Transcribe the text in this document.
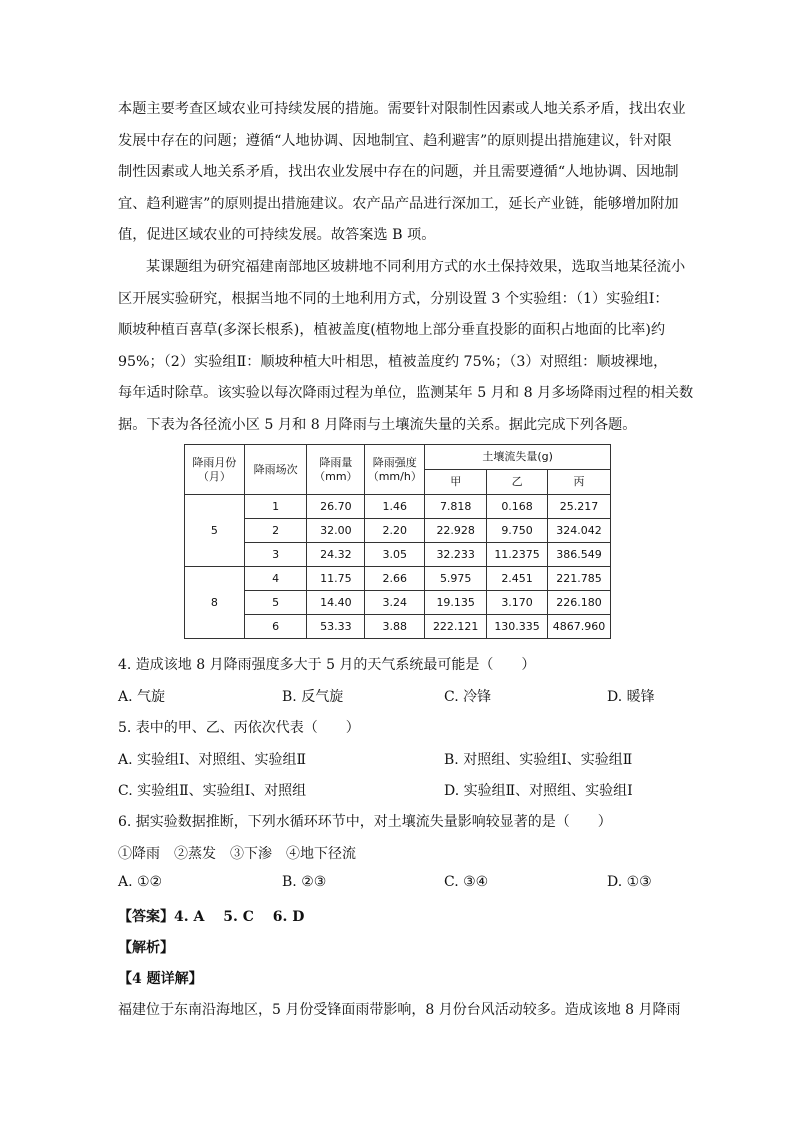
本题主要考查区域农业可持续发展的措施。需要针对限制性因素或人地关系矛盾，找出农业
发展中存在的问题；遵循“人地协调、因地制宜、趋利避害”的原则提出措施建议，针对限
制性因素或人地关系矛盾，找出农业发展中存在的问题，并且需要遵循“人地协调、因地制
宜、趋利避害”的原则提出措施建议。农产品产品进行深加工，延长产业链，能够增加附加
值，促进区域农业的可持续发展。故答案选 B 项。

某课题组为研究福建南部地区坡耕地不同利用方式的水土保持效果，选取当地某径流小
区开展实验研究，根据当地不同的土地利用方式，分别设置 3 个实验组：（1）实验组Ⅰ：
顺坡种植百喜草(多深长根系)，植被盖度(植物地上部分垂直投影的面积占地面的比率)约
95%；（2）实验组Ⅱ：顺坡种植大叶相思，植被盖度约 75%；（3）对照组：顺坡裸地，
每年适时除草。该实验以每次降雨过程为单位，监测某年 5 月和 8 月多场降雨过程的相关数
据。下表为各径流小区 5 月和 8 月降雨与土壤流失量的关系。据此完成下列各题。

降雨月份（月）	降雨场次	降雨量（mm）	降雨强度（mm/h）	土壤流失量(g)		
				甲	乙	丙
5	1	26.70	1.46	7.818	0.168	25.217
	2	32.00	2.20	22.928	9.750	324.042
	3	24.32	3.05	32.233	11.2375	386.549
8	4	11.75	2.66	5.975	2.451	221.785
	5	14.40	3.24	19.135	3.170	226.180
	6	53.33	3.88	222.121	130.335	4867.960

4. 造成该地 8 月降雨强度多大于 5 月的天气系统最可能是（　　）

A. 气旋	B. 反气旋	C. 冷锋	D. 暖锋

5. 表中的甲、乙、丙依次代表（　　）

A. 实验组Ⅰ、对照组、实验组Ⅱ	B. 对照组、实验组Ⅰ、实验组Ⅱ
C. 实验组Ⅱ、实验组Ⅰ、对照组	D. 实验组Ⅱ、对照组、实验组Ⅰ

6. 据实验数据推断，下列水循环环节中，对土壤流失量影响较显著的是（　　）

①降雨　②蒸发　③下渗　④地下径流

A. ①②	B. ②③	C. ③④	D. ①③

【答案】4. A　 5. C　 6. D

【解析】

【4 题详解】

福建位于东南沿海地区，5 月份受锋面雨带影响，8 月份台风活动较多。造成该地 8 月降雨
